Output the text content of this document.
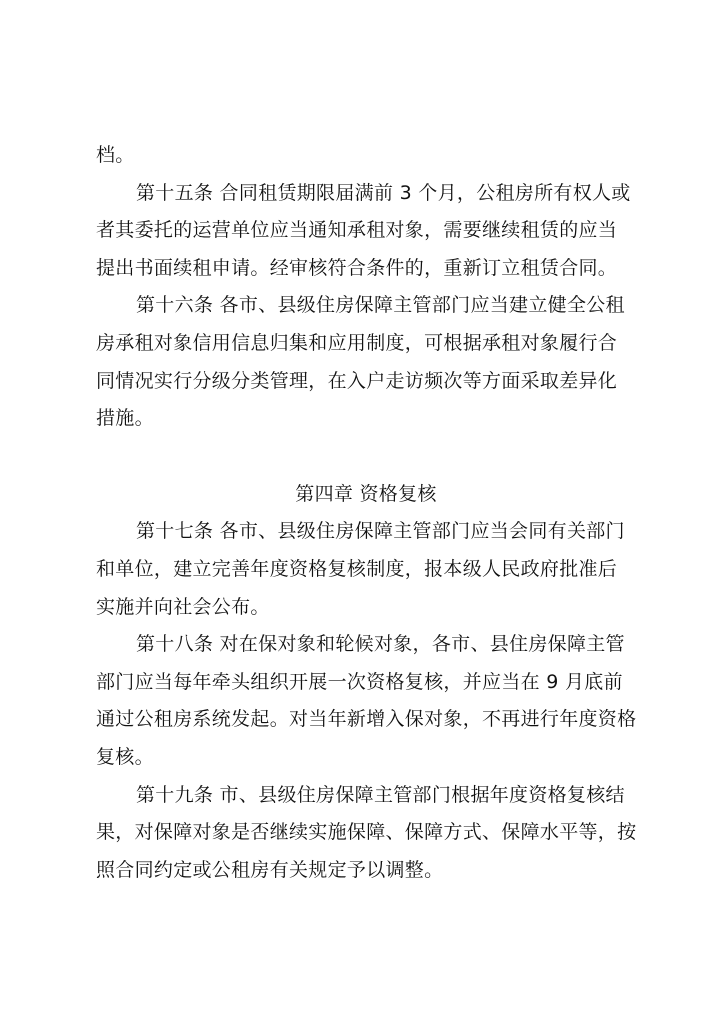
档。
第十五条 合同租赁期限届满前 3 个月，公租房所有权人或
者其委托的运营单位应当通知承租对象，需要继续租赁的应当
提出书面续租申请。经审核符合条件的，重新订立租赁合同。
第十六条 各市、县级住房保障主管部门应当建立健全公租
房承租对象信用信息归集和应用制度，可根据承租对象履行合
同情况实行分级分类管理，在入户走访频次等方面采取差异化
措施。
第四章 资格复核
第十七条 各市、县级住房保障主管部门应当会同有关部门
和单位，建立完善年度资格复核制度，报本级人民政府批准后
实施并向社会公布。
第十八条 对在保对象和轮候对象，各市、县住房保障主管
部门应当每年牵头组织开展一次资格复核，并应当在 9 月底前
通过公租房系统发起。对当年新增入保对象，不再进行年度资格
复核。
第十九条 市、县级住房保障主管部门根据年度资格复核结
果，对保障对象是否继续实施保障、保障方式、保障水平等，按
照合同约定或公租房有关规定予以调整。
